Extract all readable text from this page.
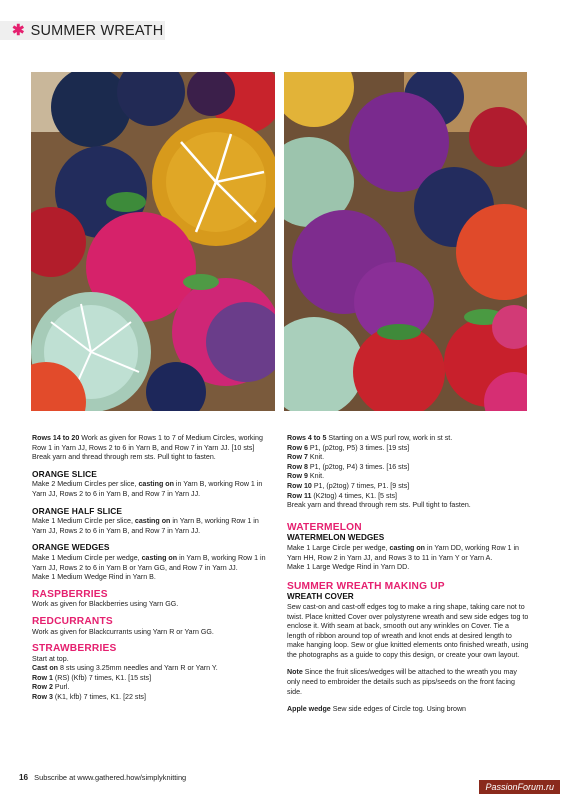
✱ SUMMER WREATH

Rows 14 to 20 Work as given for Rows 1 to 7 of Medium Circles, working Row 1 in Yarn JJ, Rows 2 to 6 in Yarn B, and Row 7 in Yarn JJ. [10 sts]

Break yarn and thread through rem sts. Pull tight to fasten.

ORANGE SLICE

Make 2 Medium Circles per slice, casting on in Yarn B, working Row 1 in Yarn JJ, Rows 2 to 6 in Yarn B, and Row 7 in Yarn JJ.

ORANGE HALF SLICE

Make 1 Medium Circle per slice, casting on in Yarn B, working Row 1 in Yarn JJ, Rows 2 to 6 in Yarn B, and Row 7 in Yarn JJ.

ORANGE WEDGES

Make 1 Medium Circle per wedge, casting on in Yarn B, working Row 1 in Yarn JJ, Rows 2 to 6 in Yarn B or Yarn GG, and Row 7 in Yarn JJ.

Make 1 Medium Wedge Rind in Yarn B.

RASPBERRIES

Work as given for Blackberries using Yarn GG.

REDCURRANTS

Work as given for Blackcurrants using Yarn R or Yarn GG.

STRAWBERRIES

Start at top.

Cast on 8 sts using 3.25mm needles and Yarn R or Yarn Y.

Row 1 (RS) (Kfb) 7 times, K1. [15 sts]

Row 2 Purl.

Row 3 (K1, kfb) 7 times, K1. [22 sts]

Rows 4 to 5 Starting on a WS purl row, work in st st.

Row 6 P1, (p2tog, P5) 3 times. [19 sts]

Row 7 Knit.

Row 8 P1, (p2tog, P4) 3 times. [16 sts]

Row 9 Knit.

Row 10 P1, (p2tog) 7 times, P1. [9 sts]

Row 11 (K2tog) 4 times, K1. [5 sts]

Break yarn and thread through rem sts. Pull tight to fasten.

WATERMELON
WATERMELON WEDGES

Make 1 Large Circle per wedge, casting on in Yarn DD, working Row 1 in Yarn HH, Row 2 in Yarn JJ, and Rows 3 to 11 in Yarn Y or Yarn A.

Make 1 Large Wedge Rind in Yarn DD.

SUMMER WREATH MAKING UP
WREATH COVER

Sew cast-on and cast-off edges tog to make a ring shape, taking care not to twist. Place knitted Cover over polystyrene wreath and sew side edges tog to enclose it. With seam at back, smooth out any wrinkles on Cover. Tie a length of ribbon around top of wreath and knot ends at desired length to make hanging loop. Sew or glue knitted elements onto finished wreath, using the photographs as a guide to copy this design, or create your own layout.

Note Since the fruit slices/wedges will be attached to the wreath you may only need to embroider the details such as pips/seeds on the front facing side.

Apple wedge Sew side edges of Circle tog. Using brown

16 Subscribe at www.gathered.how/simplyknitting
PassionForum.ru
